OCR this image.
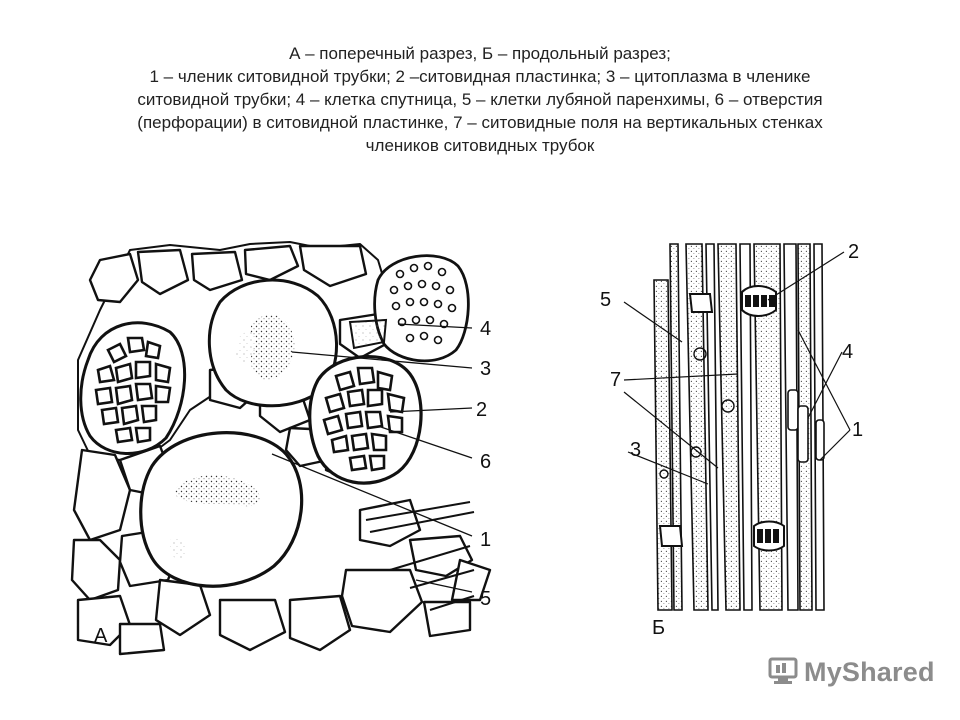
А – поперечный разрез, Б – продольный разрез;
1 – членик ситовидной трубки; 2 –ситовидная пластинка; 3 – цитоплазма в членике
ситовидной трубки; 4 – клетка спутница, 5 – клетки лубяной паренхимы, 6 – отверстия
(перфорации) в ситовидной пластинке, 7 – ситовидные поля на вертикальных стенках
члеников ситовидных трубок
4
3
2
6
1
5
А
5
7
3
2
4
1
Б
MyShared
